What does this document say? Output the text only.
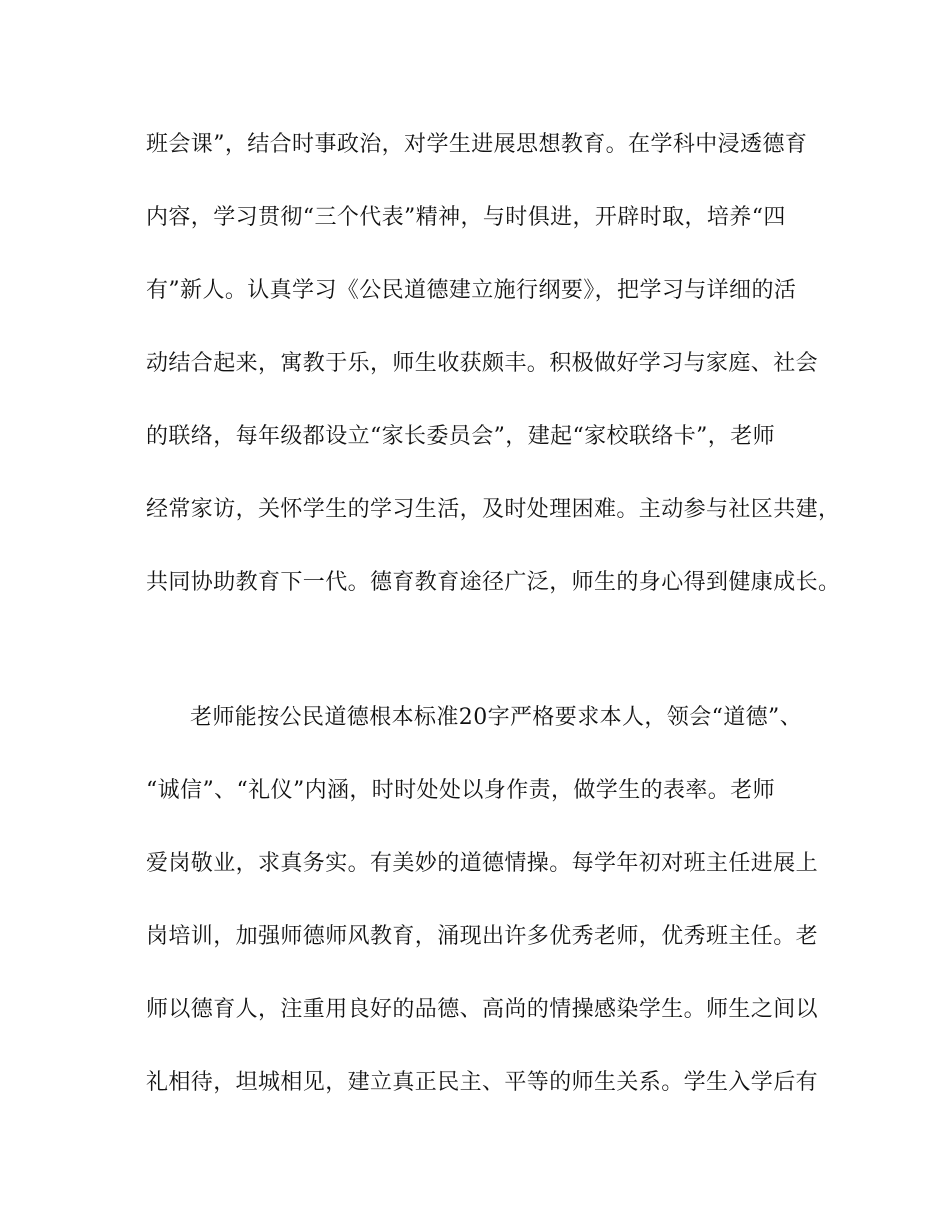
班会课”，结合时事政治，对学生进展思想教育。在学科中浸透德育
内容，学习贯彻“三个代表”精神，与时俱进，开辟时取，培养“四
有”新人。认真学习《公民道德建立施行纲要》，把学习与详细的活
动结合起来，寓教于乐，师生收获颇丰。积极做好学习与家庭、社会
的联络，每年级都设立“家长委员会”，建起“家校联络卡”，老师
经常家访，关怀学生的学习生活，及时处理困难。主动参与社区共建，
共同协助教育下一代。德育教育途径广泛，师生的身心得到健康成长。
老师能按公民道德根本标准20字严格要求本人，领会“道德”、
“诚信”、“礼仪”内涵，时时处处以身作责，做学生的表率。老师
爱岗敬业，求真务实。有美妙的道德情操。每学年初对班主任进展上
岗培训，加强师德师风教育，涌现出许多优秀老师，优秀班主任。老
师以德育人，注重用良好的品德、高尚的情操感染学生。师生之间以
礼相待，坦城相见，建立真正民主、平等的师生关系。学生入学后有
